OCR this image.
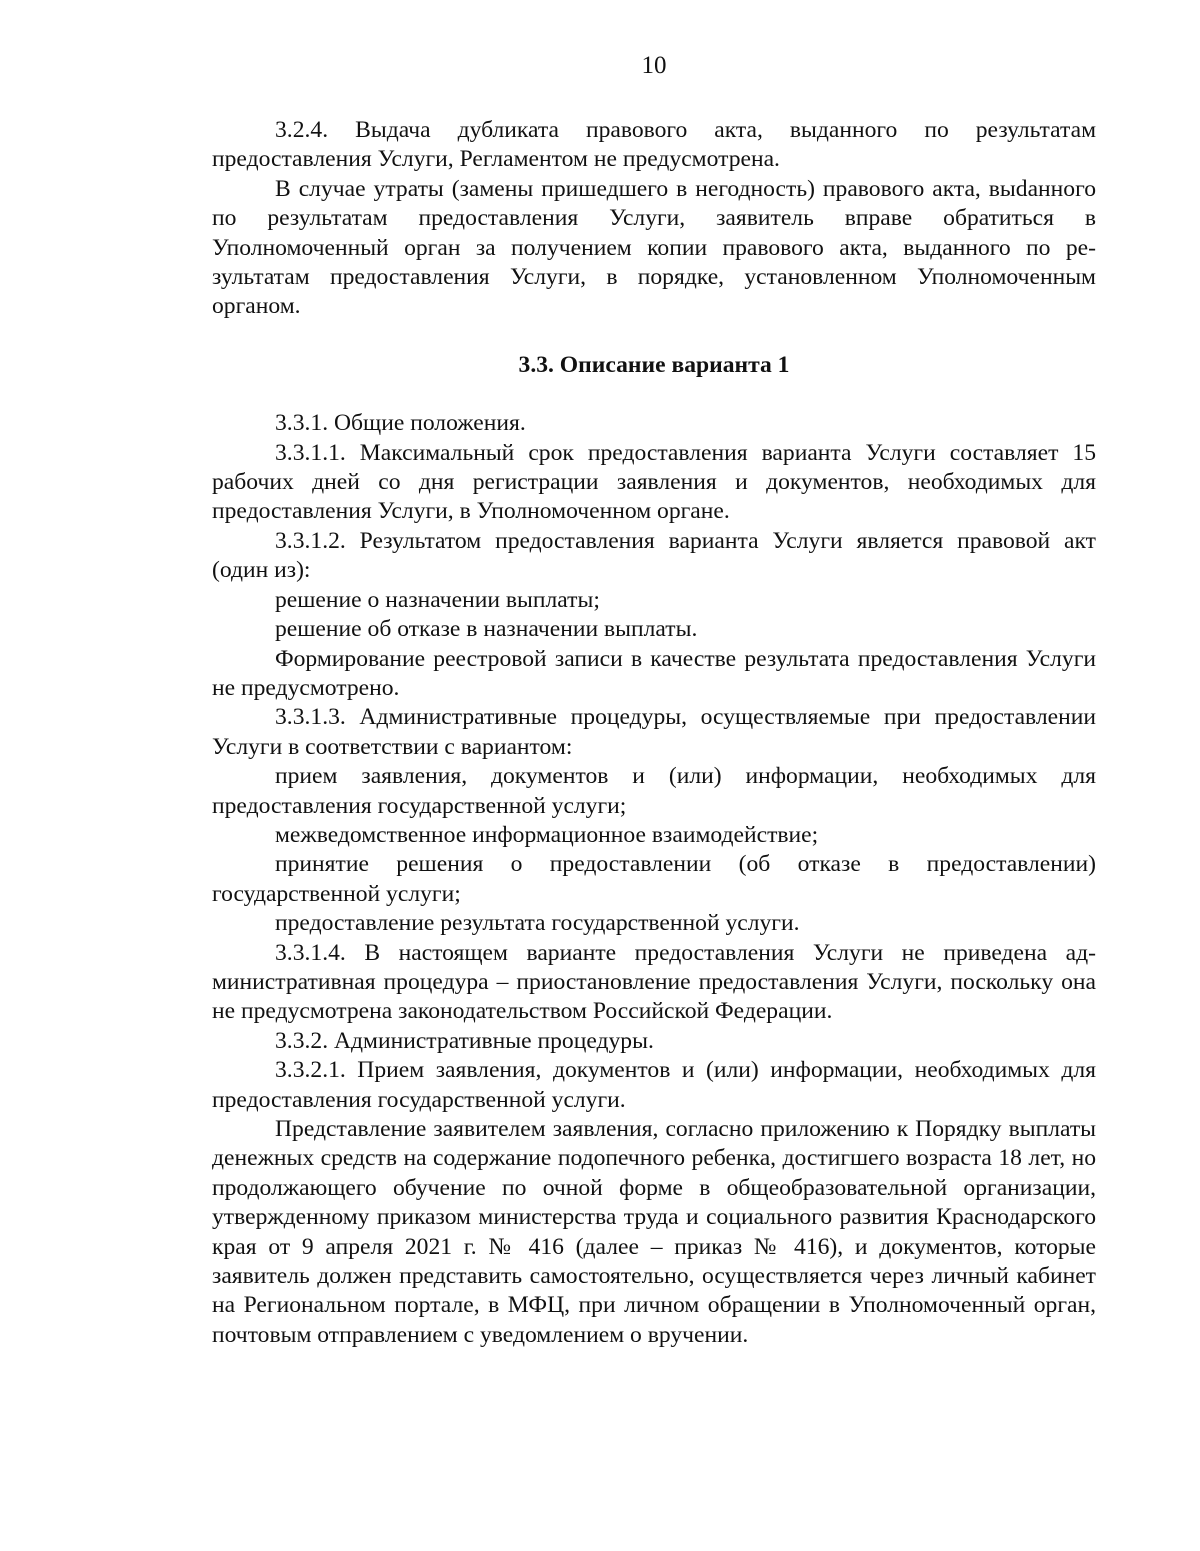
10

3.2.4. Выдача дубликата правового акта, выданного по результатам предоставления Услуги, Регламентом не предусмотрена.

В случае утраты (замены пришедшего в негодность) правового акта, выdанного по результатам предоставления Услуги, заявитель вправе обратиться в Уполномоченный орган за получением копии правового акта, выданного по результатам предоставления Услуги, в порядке, установленном Уполномоченным органом.

3.3. Описание варианта 1

3.3.1. Общие положения.

3.3.1.1. Максимальный срок предоставления варианта Услуги составляет 15 рабочих дней со дня регистрации заявления и документов, необходимых для предоставления Услуги, в Уполномоченном органе.

3.3.1.2. Результатом предоставления варианта Услуги является правовой акт (один из):

решение о назначении выплаты;

решение об отказе в назначении выплаты.

Формирование реестровой записи в качестве результата предоставления Услуги не предусмотрено.

3.3.1.3. Административные процедуры, осуществляемые при предоставлении Услуги в соответствии с вариантом:

прием заявления, документов и (или) информации, необходимых для предоставления государственной услуги;

межведомственное информационное взаимодействие;

принятие решения о предоставлении (об отказе в предоставлении) государственной услуги;

предоставление результата государственной услуги.

3.3.1.4. В настоящем варианте предоставления Услуги не приведена административная процедура – приостановление предоставления Услуги, поскольку она не предусмотрена законодательством Российской Федерации.

3.3.2. Административные процедуры.

3.3.2.1. Прием заявления, документов и (или) информации, необходимых для предоставления государственной услуги.

Представление заявителем заявления, согласно приложению к Порядку выплаты денежных средств на содержание подопечного ребенка, достигшего возраста 18 лет, но продолжающего обучение по очной форме в общеобразовательной организации, утвержденному приказом министерства труда и социального развития Краснодарского края от 9 апреля 2021 г. № 416 (далее – приказ № 416), и документов, которые заявитель должен представить самостоятельно, осуществляется через личный кабинет на Региональном портале, в МФЦ, при личном обращении в Уполномоченный орган, почтовым отправлением с уведомлением о вручении.
